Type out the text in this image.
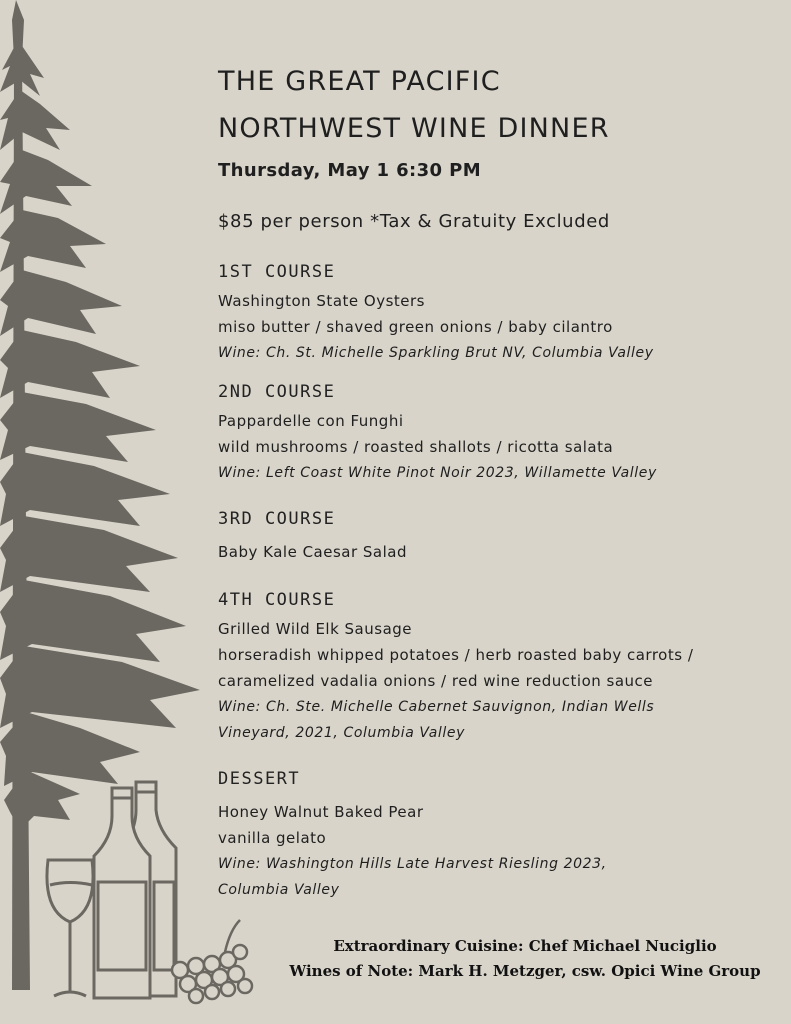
THE GREAT PACIFIC
NORTHWEST WINE DINNER
Thursday, May 1 6:30 PM
$85 per person *Tax & Gratuity Excluded
1ST COURSE
Washington State Oysters
miso butter / shaved green onions / baby cilantro
Wine: Ch. St. Michelle Sparkling Brut NV, Columbia Valley
2ND COURSE
Pappardelle con Funghi
wild mushrooms / roasted shallots / ricotta salata
Wine: Left Coast White Pinot Noir 2023, Willamette Valley
3RD COURSE
Baby Kale Caesar Salad
4TH COURSE
Grilled Wild Elk Sausage
horseradish whipped potatoes / herb roasted baby carrots /
caramelized vadalia onions / red wine reduction sauce
Wine: Ch. Ste. Michelle Cabernet Sauvignon, Indian Wells
Vineyard, 2021, Columbia Valley
DESSERT
Honey Walnut Baked Pear
vanilla gelato
Wine: Washington Hills Late Harvest Riesling 2023,
Columbia Valley
Extraordinary Cuisine: Chef Michael Nuciglio
Wines of Note: Mark H. Metzger, csw. Opici Wine Group
